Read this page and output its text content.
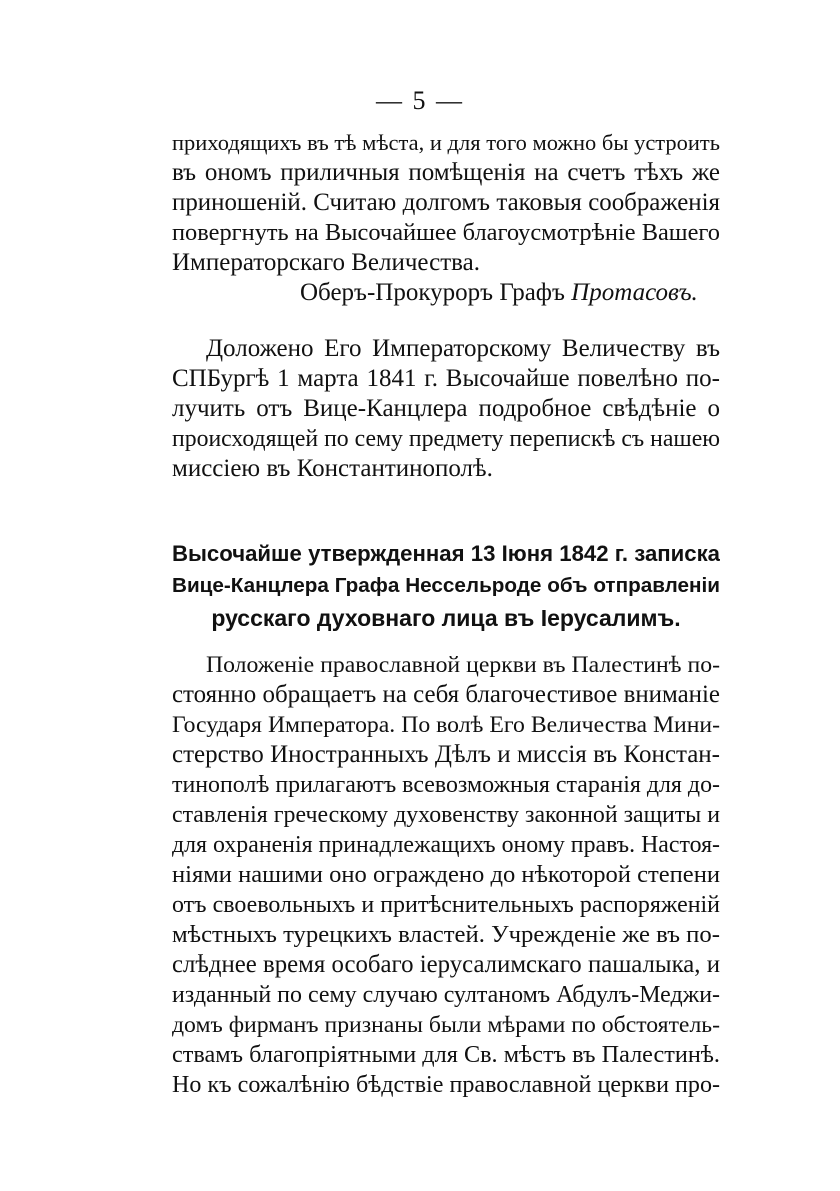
— 5 —
приходящихъ въ тѣ мѣста, и для того можно бы устроить
въ ономъ приличныя помѣщенія на счетъ тѣхъ же
приношеній. Считаю долгомъ таковыя соображенія
повергнуть на Высочайшее благоусмотрѣніе Вашего
Императорскаго Величества.
Оберъ-Прокуроръ Графъ Протасовъ.
Доложено Его Императорскому Величеству въ
СПБургѣ 1 марта 1841 г. Высочайше повелѣно по-
лучить отъ Вице-Канцлера подробное свѣдѣніе о
происходящей по сему предмету перепискѣ съ нашею
миссіею въ Константинополѣ.
Высочайше утвержденная 13 Іюня 1842 г. записка
Вице-Канцлера Графа Нессельроде объ отправленіи
русскаго духовнаго лица въ Іерусалимъ.
Положеніе православной церкви въ Палестинѣ по-
стоянно обращаетъ на себя благочестивое вниманіе
Государя Императора. По волѣ Его Величества Мини-
стерство Иностранныхъ Дѣлъ и миссія въ Констан-
тинополѣ прилагаютъ всевозможныя старанія для до-
ставленія греческому духовенству законной защиты и
для охраненія принадлежащихъ оному правъ. Настоя-
ніями нашими оно ограждено до нѣкоторой степени
отъ своевольныхъ и притѣснительныхъ распоряженій
мѣстныхъ турецкихъ властей. Учрежденіе же въ по-
слѣднее время особаго іерусалимскаго пашалыка, и
изданный по сему случаю султаномъ Абдулъ-Меджи-
домъ фирманъ признаны были мѣрами по обстоятель-
ствамъ благопріятными для Св. мѣстъ въ Палестинѣ.
Но къ сожалѣнію бѣдствіе православной церкви про-
